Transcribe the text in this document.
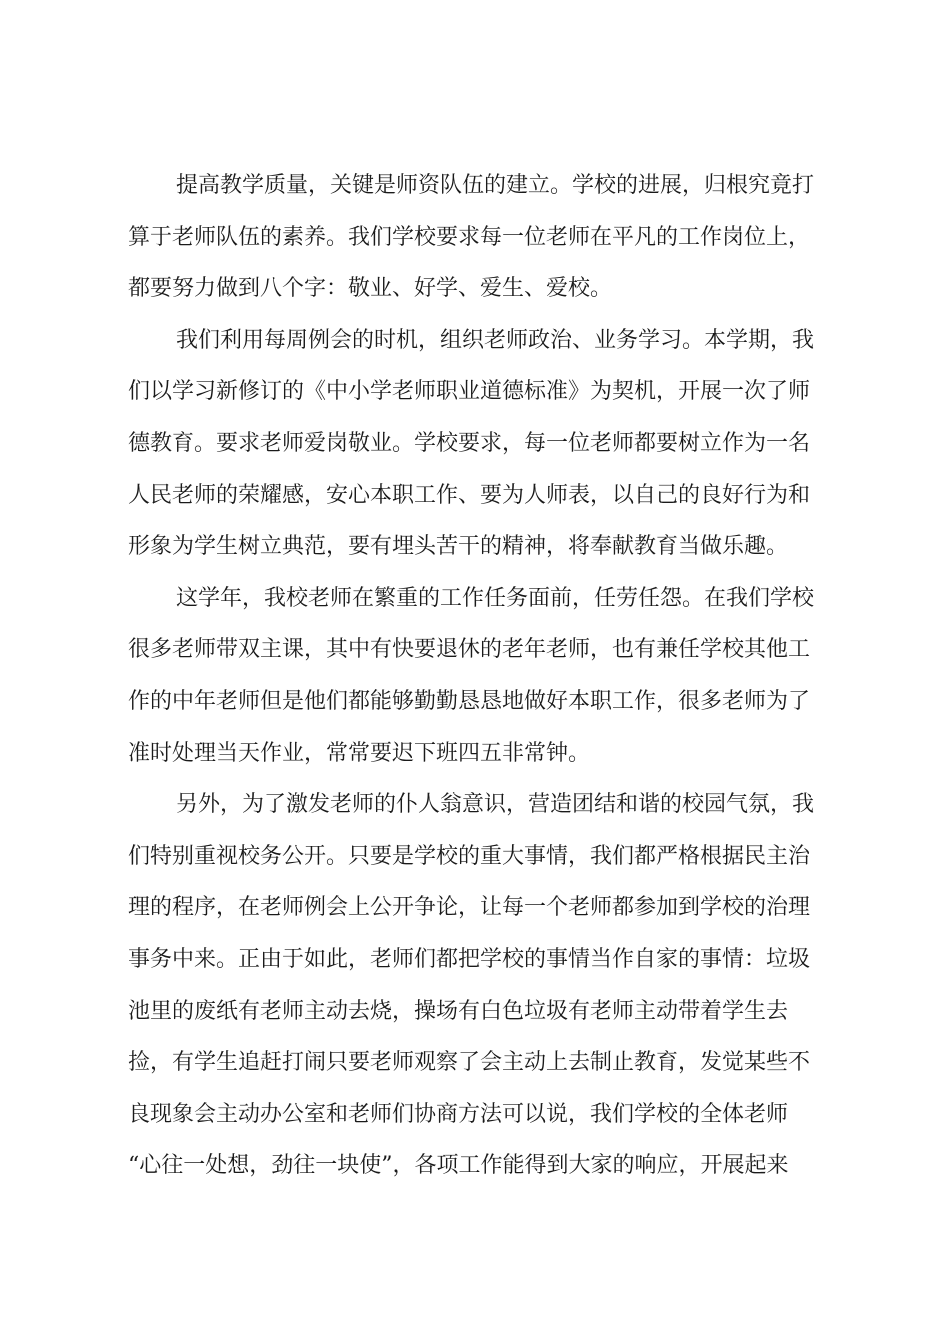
提高教学质量，关键是师资队伍的建立。学校的进展，归根究竟打
算于老师队伍的素养。我们学校要求每一位老师在平凡的工作岗位上，
都要努力做到八个字：敬业、好学、爱生、爱校。

我们利用每周例会的时机，组织老师政治、业务学习。本学期，我
们以学习新修订的《中小学老师职业道德标准》为契机，开展一次了师
德教育。要求老师爱岗敬业。学校要求，每一位老师都要树立作为一名
人民老师的荣耀感，安心本职工作、要为人师表，以自己的良好行为和
形象为学生树立典范，要有埋头苦干的精神，将奉献教育当做乐趣。

这学年，我校老师在繁重的工作任务面前，任劳任怨。在我们学校
很多老师带双主课，其中有快要退休的老年老师，也有兼任学校其他工
作的中年老师但是他们都能够勤勤恳恳地做好本职工作，很多老师为了
准时处理当天作业，常常要迟下班四五非常钟。

另外，为了激发老师的仆人翁意识，营造团结和谐的校园气氛，我
们特别重视校务公开。只要是学校的重大事情，我们都严格根据民主治
理的程序，在老师例会上公开争论，让每一个老师都参加到学校的治理
事务中来。正由于如此，老师们都把学校的事情当作自家的事情：垃圾
池里的废纸有老师主动去烧，操场有白色垃圾有老师主动带着学生去
捡，有学生追赶打闹只要老师观察了会主动上去制止教育，发觉某些不
良现象会主动办公室和老师们协商方法可以说，我们学校的全体老师
“心往一处想，劲往一块使”，各项工作能得到大家的响应，开展起来
